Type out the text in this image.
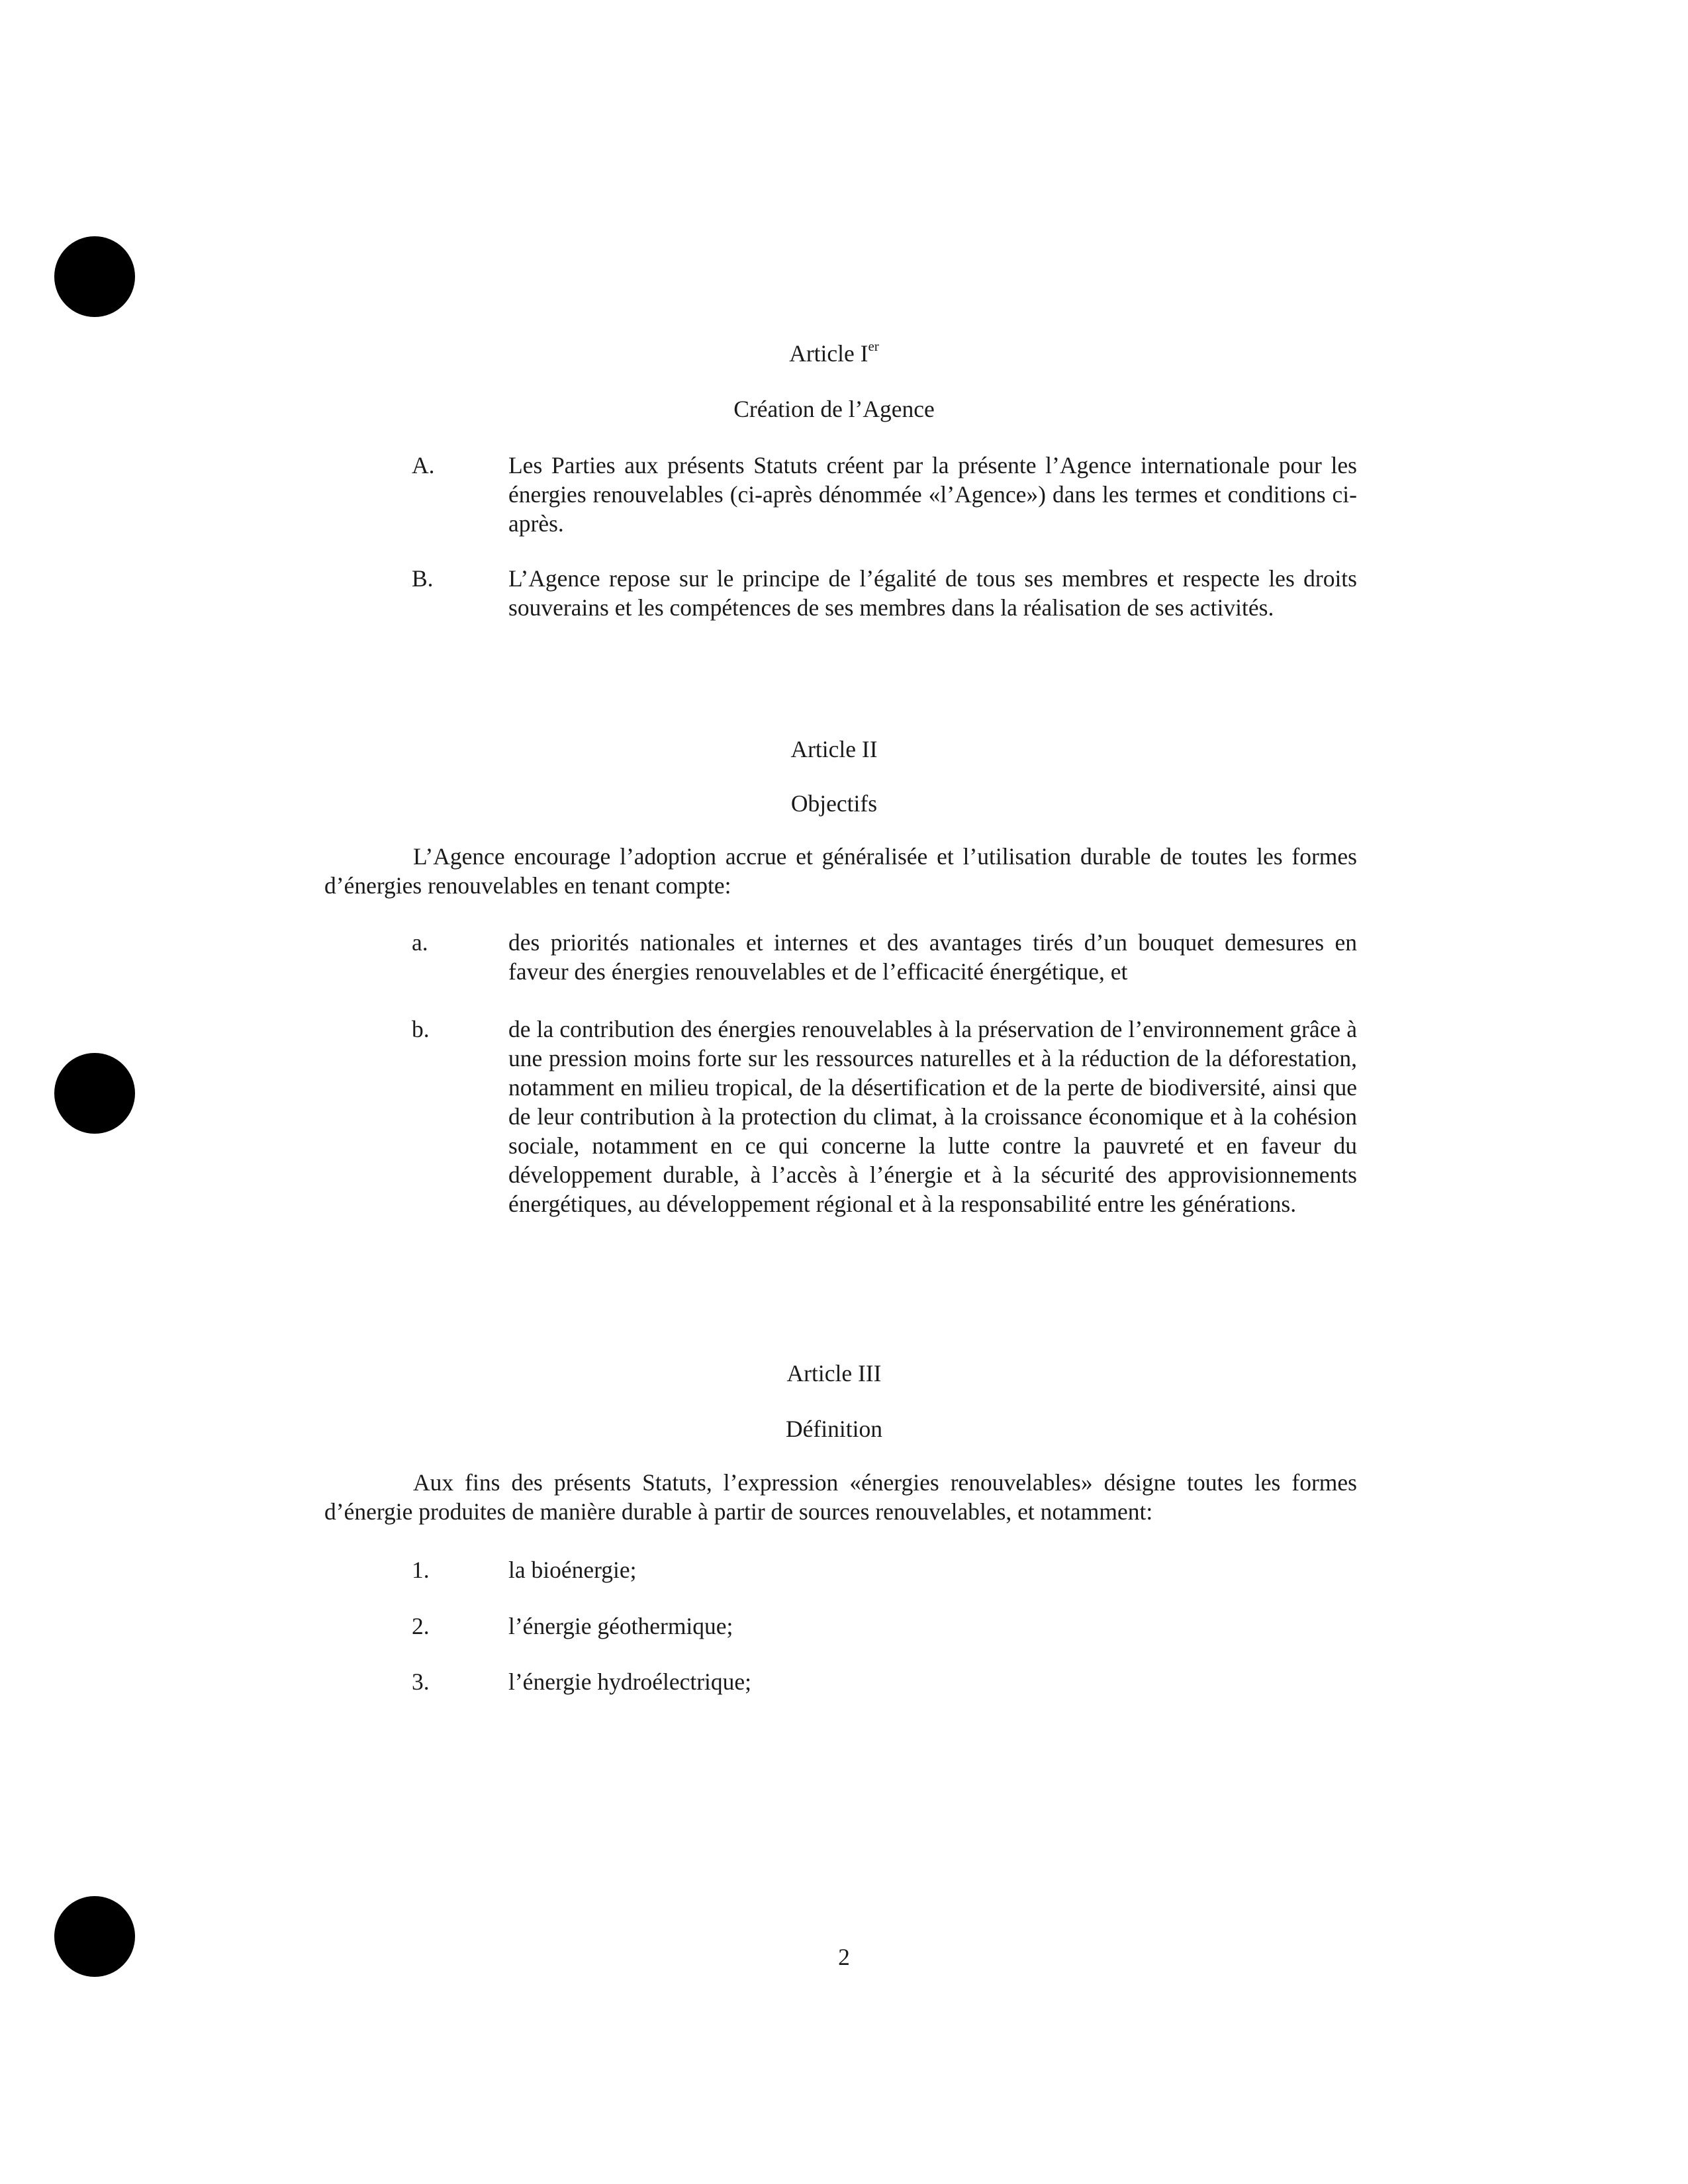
Article Ier
Création de l’Agence
A.	Les Parties aux présents Statuts créent par la présente l’Agence internationale pour les énergies renouvelables (ci-après dénommée «l’Agence») dans les termes et conditions ci-après.
B.	L’Agence repose sur le principe de l’égalité de tous ses membres et respecte les droits souverains et les compétences de ses membres dans la réalisation de ses activités.
Article II
Objectifs
L’Agence encourage l’adoption accrue et généralisée et l’utilisation durable de toutes les formes d’énergies renouvelables en tenant compte:
a.	des priorités nationales et internes et des avantages tirés d’un bouquet demesures en faveur des énergies renouvelables et de l’efficacité énergétique, et
b.	de la contribution des énergies renouvelables à la préservation de l’environnement grâce à une pression moins forte sur les ressources naturelles et à la réduction de la déforestation, notamment en milieu tropical, de la désertification et de la perte de biodiversité, ainsi que de leur contribution à la protection du climat, à la croissance économique et à la cohésion sociale, notamment en ce qui concerne la lutte contre la pauvreté et en faveur du développement durable, à l’accès à l’énergie et à la sécurité des approvisionnements énergétiques, au développement régional et à la responsabilité entre les générations.
Article III
Définition
Aux fins des présents Statuts, l’expression «énergies renouvelables» désigne toutes les formes d’énergie produites de manière durable à partir de sources renouvelables, et notamment:
1.	la bioénergie;
2.	l’énergie géothermique;
3.	l’énergie hydroélectrique;
2
